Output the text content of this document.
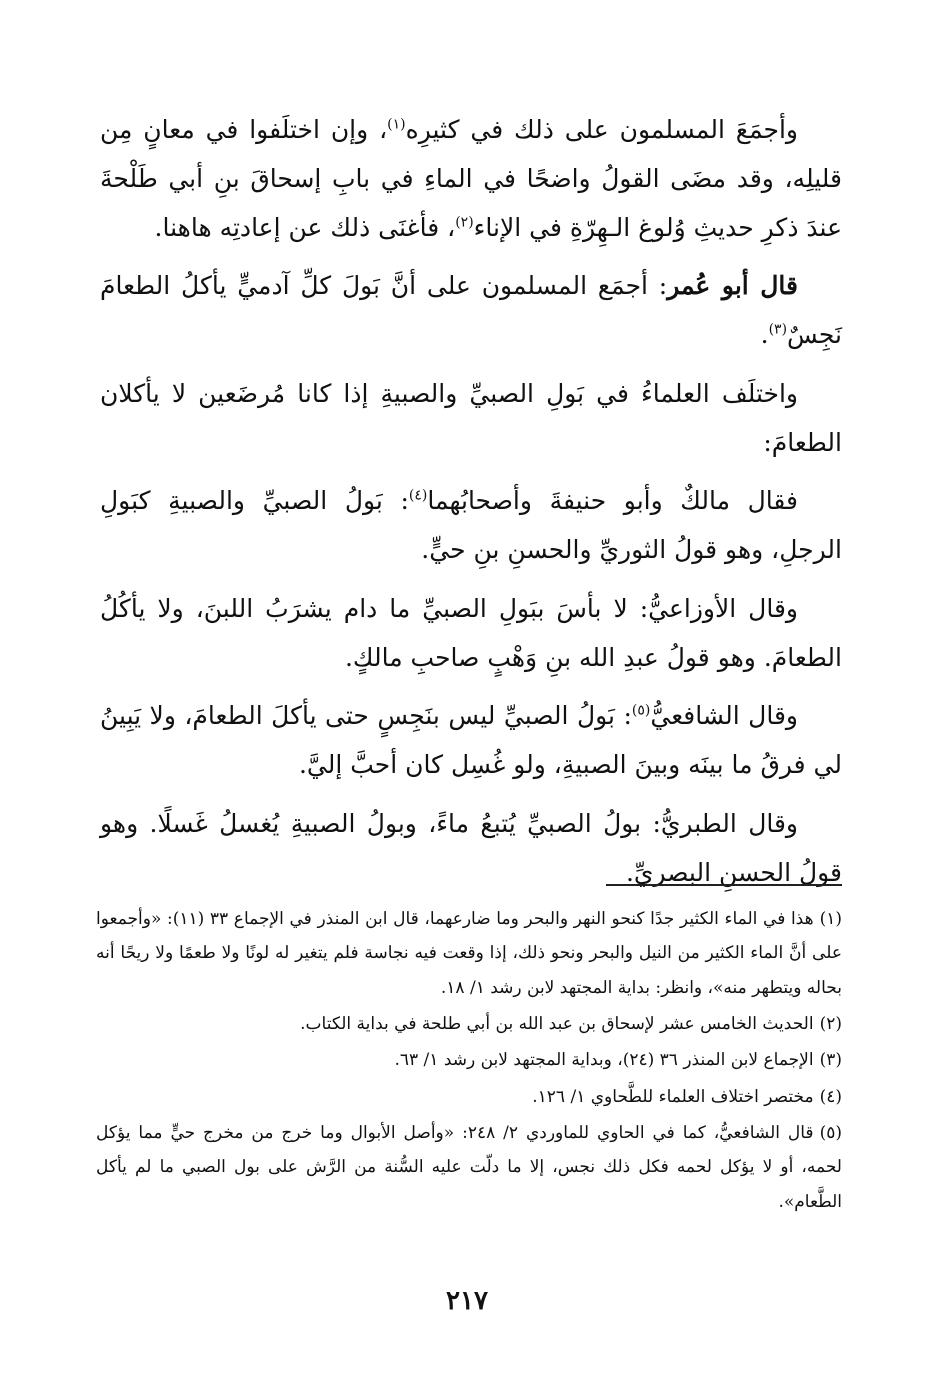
وأجمَعَ المسلمون على ذلك في كثيرِه$^{(١)}$، وإن اختلَفوا في معانٍ مِن قليلِه، وقد مضَى القولُ واضحًا في الماءِ في بابِ إسحاقَ بنِ أبي طَلْحةَ عندَ ذكرِ حديثِ وُلوغ الـهِرّةِ في الإناء$^{(٢)}$، فأغنَى ذلك عن إعادتِه هاهنا.

قال أبو عُمر: أجمَع المسلمون على أنَّ بَولَ كلِّ آدميٍّ يأكلُ الطعامَ نَجِسٌ$^{(٣)}$.

واختلَف العلماءُ في بَولِ الصبيِّ والصبيةِ إذا كانا مُرضَعين لا يأكلان الطعامَ:

فقال مالكٌ وأبو حنيفةَ وأصحابُهما$^{(٤)}$: بَولُ الصبيِّ والصبيةِ كبَولِ الرجلِ، وهو قولُ الثوريِّ والحسنِ بنِ حيٍّ.

وقال الأوزاعيُّ: لا بأسَ ببَولِ الصبيِّ ما دام يشرَبُ اللبنَ، ولا يأكُلُ الطعامَ. وهو قولُ عبدِ الله بنِ وَهْبٍ صاحبِ مالكٍ.

وقال الشافعيُّ$^{(٥)}$: بَولُ الصبيِّ ليس بنَجِسٍ حتى يأكلَ الطعامَ، ولا يَبِينُ لي فرقُ ما بينَه وبينَ الصبيةِ، ولو غُسِل كان أحبَّ إليَّ.

وقال الطبريُّ: بولُ الصبيِّ يُتبعُ ماءً، وبولُ الصبيةِ يُغسلُ غَسلًا. وهو قولُ الحسنِ البصريِّ.

(١)هذا في الماء الكثير جدًا كنحو النهر والبحر وما ضارعهما، قال ابن المنذر في الإجماع ٣٣ (١١): «وأجمعوا على أنَّ الماء الكثير من النيل والبحر ونحو ذلك، إذا وقعت فيه نجاسة فلم يتغير له لونًا ولا طعمًا ولا ريحًا أنه بحاله ويتطهر منه»، وانظر: بداية المجتهد لابن رشد ١/ ١٨.
(٢)الحديث الخامس عشر لإسحاق بن عبد الله بن أبي طلحة في بداية الكتاب.
(٣)الإجماع لابن المنذر ٣٦ (٢٤)، وبداية المجتهد لابن رشد ١/ ٦٣.
(٤)مختصر اختلاف العلماء للطَّحاوي ١/ ١٢٦.
(٥)قال الشافعيُّ، كما في الحاوي للماوردي ٢/ ٢٤٨: «وأصل الأبوال وما خرج من مخرج حيٍّ مما يؤكل لحمه، أو لا يؤكل لحمه فكل ذلك نجس، إلا ما دلّت عليه السُّنة من الرَّش على بول الصبي ما لم يأكل الطَّعام».
٢١٧
